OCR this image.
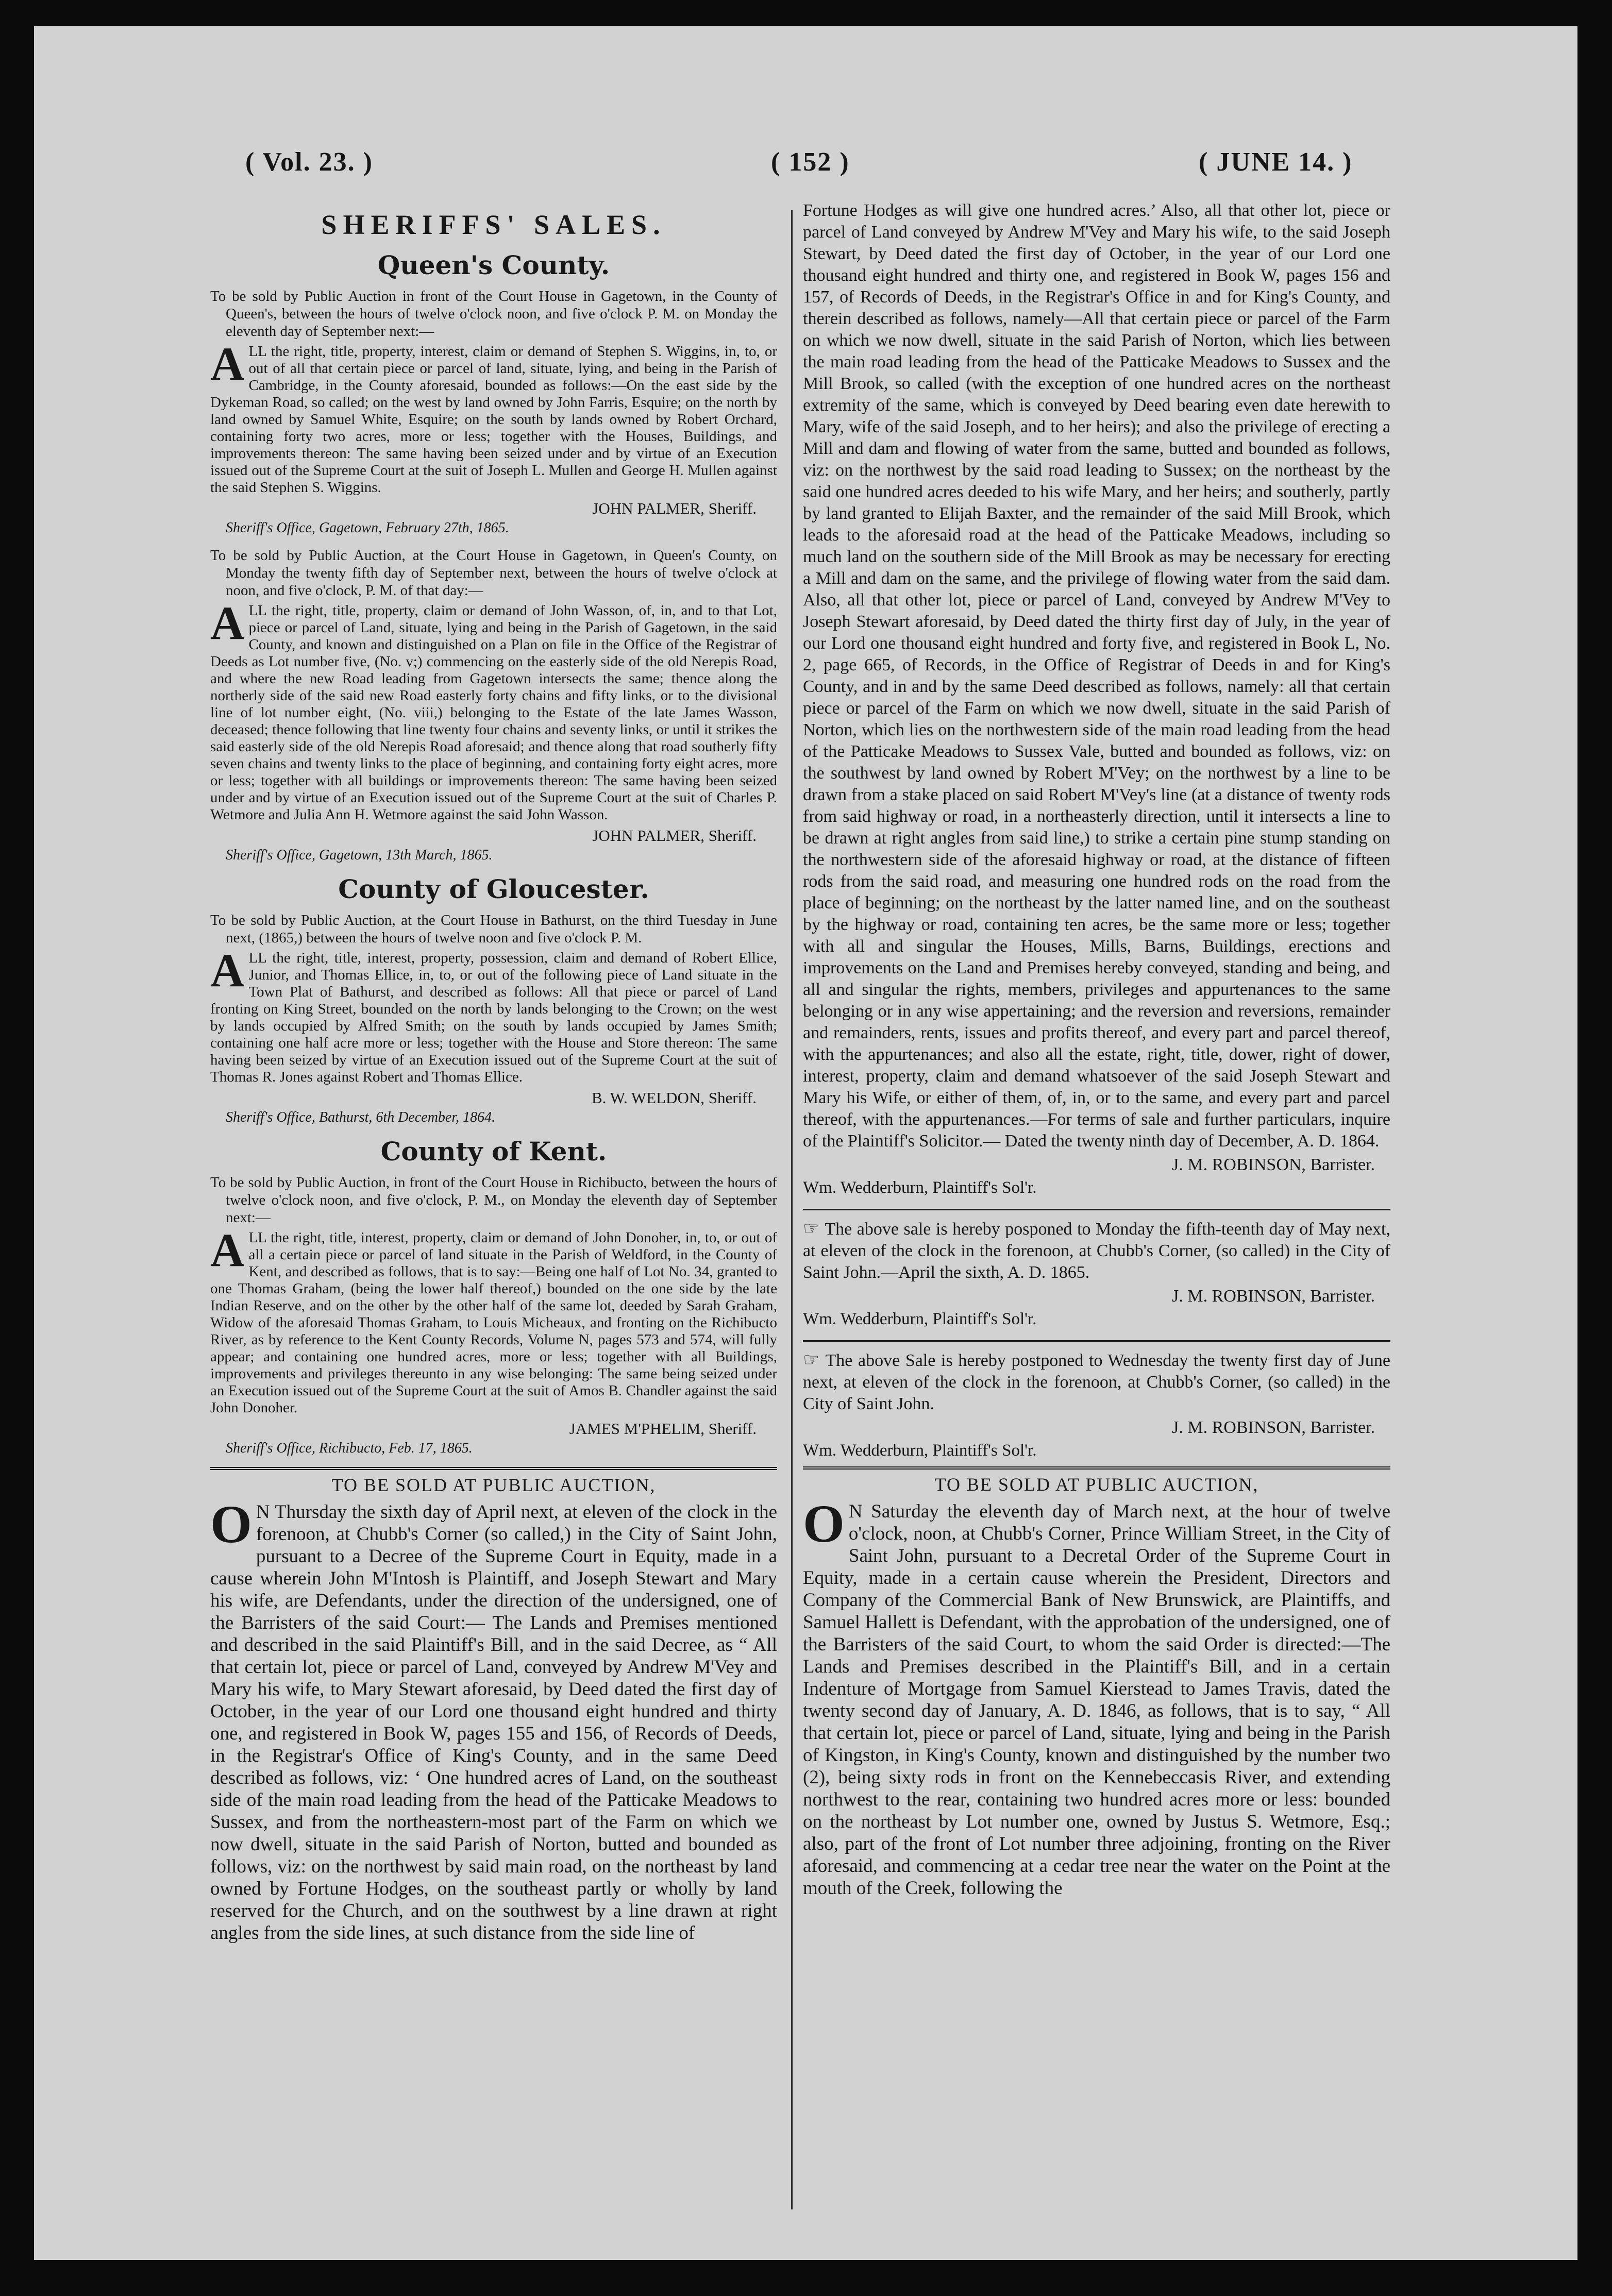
( Vol. 23. )	( 152 )	( JUNE 14. )
SHERIFFS' SALES.
Queen's County.

To be sold by Public Auction in front of the Court House in Gagetown, in the County of Queen's, between the hours of twelve o'clock noon, and five o'clock P. M. on Monday the eleventh day of September next:—

ALL the right, title, property, interest, claim or demand of Stephen S. Wiggins, in, to, or out of all that certain piece or parcel of land, situate, lying, and being in the Parish of Cambridge, in the County aforesaid, bounded as follows:—On the east side by the Dykeman Road, so called; on the west by land owned by John Farris, Esquire; on the north by land owned by Samuel White, Esquire; on the south by lands owned by Robert Orchard, containing forty two acres, more or less; together with the Houses, Buildings, and improvements thereon: The same having been seized under and by virtue of an Execution issued out of the Supreme Court at the suit of Joseph L. Mullen and George H. Mullen against the said Stephen S. Wiggins.

JOHN PALMER, Sheriff.
Sheriff's Office, Gagetown, February 27th, 1865.

To be sold by Public Auction, at the Court House in Gagetown, in Queen's County, on Monday the twenty fifth day of September next, between the hours of twelve o'clock at noon, and five o'clock, P. M. of that day:—

ALL the right, title, property, claim or demand of John Wasson, of, in, and to that Lot, piece or parcel of Land, situate, lying and being in the Parish of Gagetown, in the said County, and known and distinguished on a Plan on file in the Office of the Registrar of Deeds as Lot number five, (No. v;) commencing on the easterly side of the old Nerepis Road, and where the new Road leading from Gagetown intersects the same; thence along the northerly side of the said new Road easterly forty chains and fifty links, or to the divisional line of lot number eight, (No. viii,) belonging to the Estate of the late James Wasson, deceased; thence following that line twenty four chains and seventy links, or until it strikes the said easterly side of the old Nerepis Road aforesaid; and thence along that road southerly fifty seven chains and twenty links to the place of beginning, and containing forty eight acres, more or less; together with all buildings or improvements thereon: The same having been seized under and by virtue of an Execution issued out of the Supreme Court at the suit of Charles P. Wetmore and Julia Ann H. Wetmore against the said John Wasson.

JOHN PALMER, Sheriff.
Sheriff's Office, Gagetown, 13th March, 1865.
County of Gloucester.

To be sold by Public Auction, at the Court House in Bathurst, on the third Tuesday in June next, (1865,) between the hours of twelve noon and five o'clock P. M.

ALL the right, title, interest, property, possession, claim and demand of Robert Ellice, Junior, and Thomas Ellice, in, to, or out of the following piece of Land situate in the Town Plat of Bathurst, and described as follows: All that piece or parcel of Land fronting on King Street, bounded on the north by lands belonging to the Crown; on the west by lands occupied by Alfred Smith; on the south by lands occupied by James Smith; containing one half acre more or less; together with the House and Store thereon: The same having been seized by virtue of an Execution issued out of the Supreme Court at the suit of Thomas R. Jones against Robert and Thomas Ellice.

B. W. WELDON, Sheriff.
Sheriff's Office, Bathurst, 6th December, 1864.
County of Kent.

To be sold by Public Auction, in front of the Court House in Richibucto, between the hours of twelve o'clock noon, and five o'clock, P. M., on Monday the eleventh day of September next:—

ALL the right, title, interest, property, claim or demand of John Donoher, in, to, or out of all a certain piece or parcel of land situate in the Parish of Weldford, in the County of Kent, and described as follows, that is to say:—Being one half of Lot No. 34, granted to one Thomas Graham, (being the lower half thereof,) bounded on the one side by the late Indian Reserve, and on the other by the other half of the same lot, deeded by Sarah Graham, Widow of the aforesaid Thomas Graham, to Louis Micheaux, and fronting on the Richibucto River, as by reference to the Kent County Records, Volume N, pages 573 and 574, will fully appear; and containing one hundred acres, more or less; together with all Buildings, improvements and privileges thereunto in any wise belonging: The same being seized under an Execution issued out of the Supreme Court at the suit of Amos B. Chandler against the said John Donoher.

JAMES M'PHELIM, Sheriff.
Sheriff's Office, Richibucto, Feb. 17, 1865.
TO BE SOLD AT PUBLIC AUCTION,

O N Thursday the sixth day of April next, at eleven of the clock in the forenoon, at Chubb's Corner (so called,) in the City of Saint John, pursuant to a Decree of the Supreme Court in Equity, made in a cause wherein John M'Intosh is Plaintiff, and Joseph Stewart and Mary his wife, are Defendants, under the direction of the undersigned, one of the Barristers of the said Court:— The Lands and Premises mentioned and described in the said Plaintiff's Bill, and in the said Decree, as “ All that certain lot, piece or parcel of Land, conveyed by Andrew M'Vey and Mary his wife, to Mary Stewart aforesaid, by Deed dated the first day of October, in the year of our Lord one thousand eight hundred and thirty one, and registered in Book W, pages 155 and 156, of Records of Deeds, in the Registrar's Office of King's County, and in the same Deed described as follows, viz: ‘ One hundred acres of Land, on the southeast side of the main road leading from the head of the Patticake Meadows to Sussex, and from the northeastern-most part of the Farm on which we now dwell, situate in the said Parish of Norton, butted and bounded as follows, viz: on the northwest by said main road, on the northeast by land owned by Fortune Hodges, on the southeast partly or wholly by land reserved for the Church, and on the southwest by a line drawn at right angles from the side lines, at such distance from the side line of

Fortune Hodges as will give one hundred acres.’ Also, all that other lot, piece or parcel of Land conveyed by Andrew M'Vey and Mary his wife, to the said Joseph Stewart, by Deed dated the first day of October, in the year of our Lord one thousand eight hundred and thirty one, and registered in Book W, pages 156 and 157, of Records of Deeds, in the Registrar's Office in and for King's County, and therein described as follows, namely—All that certain piece or parcel of the Farm on which we now dwell, situate in the said Parish of Norton, which lies between the main road leading from the head of the Patticake Meadows to Sussex and the Mill Brook, so called (with the exception of one hundred acres on the northeast extremity of the same, which is conveyed by Deed bearing even date herewith to Mary, wife of the said Joseph, and to her heirs); and also the privilege of erecting a Mill and dam and flowing of water from the same, butted and bounded as follows, viz: on the northwest by the said road leading to Sussex; on the northeast by the said one hundred acres deeded to his wife Mary, and her heirs; and southerly, partly by land granted to Elijah Baxter, and the remainder of the said Mill Brook, which leads to the aforesaid road at the head of the Patticake Meadows, including so much land on the southern side of the Mill Brook as may be necessary for erecting a Mill and dam on the same, and the privilege of flowing water from the said dam. Also, all that other lot, piece or parcel of Land, conveyed by Andrew M'Vey to Joseph Stewart aforesaid, by Deed dated the thirty first day of July, in the year of our Lord one thousand eight hundred and forty five, and registered in Book L, No. 2, page 665, of Records, in the Office of Registrar of Deeds in and for King's County, and in and by the same Deed described as follows, namely: all that certain piece or parcel of the Farm on which we now dwell, situate in the said Parish of Norton, which lies on the northwestern side of the main road leading from the head of the Patticake Meadows to Sussex Vale, butted and bounded as follows, viz: on the southwest by land owned by Robert M'Vey; on the northwest by a line to be drawn from a stake placed on said Robert M'Vey's line (at a distance of twenty rods from said highway or road, in a northeasterly direction, until it intersects a line to be drawn at right angles from said line,) to strike a certain pine stump standing on the northwestern side of the aforesaid highway or road, at the distance of fifteen rods from the said road, and measuring one hundred rods on the road from the place of beginning; on the northeast by the latter named line, and on the southeast by the highway or road, containing ten acres, be the same more or less; together with all and singular the Houses, Mills, Barns, Buildings, erections and improvements on the Land and Premises hereby conveyed, standing and being, and all and singular the rights, members, privileges and appurtenances to the same belonging or in any wise appertaining; and the reversion and reversions, remainder and remainders, rents, issues and profits thereof, and every part and parcel thereof, with the appurtenances; and also all the estate, right, title, dower, right of dower, interest, property, claim and demand whatsoever of the said Joseph Stewart and Mary his Wife, or either of them, of, in, or to the same, and every part and parcel thereof, with the appurtenances.—For terms of sale and further particulars, inquire of the Plaintiff's Solicitor.— Dated the twenty ninth day of December, A. D. 1864.

J. M. ROBINSON, Barrister.
Wm. Wedderburn, Plaintiff's Sol'r.

☞ The above sale is hereby posponed to Monday the fifth-teenth day of May next, at eleven of the clock in the forenoon, at Chubb's Corner, (so called) in the City of Saint John.—April the sixth, A. D. 1865.

J. M. ROBINSON, Barrister.
Wm. Wedderburn, Plaintiff's Sol'r.

☞ The above Sale is hereby postponed to Wednesday the twenty first day of June next, at eleven of the clock in the forenoon, at Chubb's Corner, (so called) in the City of Saint John.

J. M. ROBINSON, Barrister.
Wm. Wedderburn, Plaintiff's Sol'r.
TO BE SOLD AT PUBLIC AUCTION,

O N Saturday the eleventh day of March next, at the hour of twelve o'clock, noon, at Chubb's Corner, Prince William Street, in the City of Saint John, pursuant to a Decretal Order of the Supreme Court in Equity, made in a certain cause wherein the President, Directors and Company of the Commercial Bank of New Brunswick, are Plaintiffs, and Samuel Hallett is Defendant, with the approbation of the undersigned, one of the Barristers of the said Court, to whom the said Order is directed:—The Lands and Premises described in the Plaintiff's Bill, and in a certain Indenture of Mortgage from Samuel Kierstead to James Travis, dated the twenty second day of January, A. D. 1846, as follows, that is to say, “ All that certain lot, piece or parcel of Land, situate, lying and being in the Parish of Kingston, in King's County, known and distinguished by the number two (2), being sixty rods in front on the Kennebeccasis River, and extending northwest to the rear, containing two hundred acres more or less: bounded on the northeast by Lot number one, owned by Justus S. Wetmore, Esq.; also, part of the front of Lot number three adjoining, fronting on the River aforesaid, and commencing at a cedar tree near the water on the Point at the mouth of the Creek, following the
